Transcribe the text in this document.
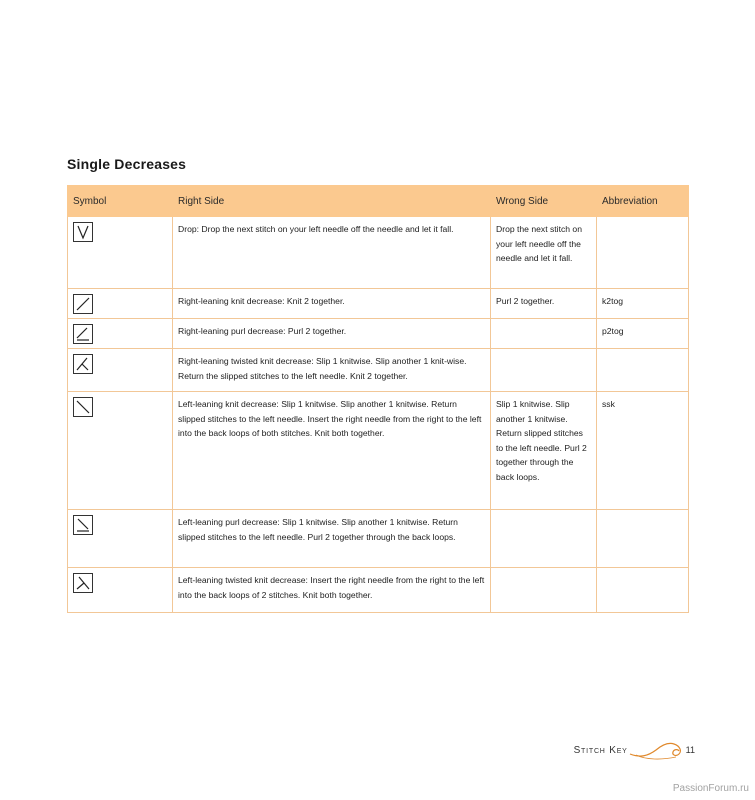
Single Decreases
Symbol	Right Side	Wrong Side	Abbreviation

	Drop: Drop the next stitch on your left needle off the needle and let it fall.	Drop the next stitch on your left needle off the needle and let it fall.	

	Right-leaning knit decrease: Knit 2 together.	Purl 2 together.	k2tog

	Right-leaning purl decrease: Purl 2 together.		p2tog

	Right-leaning twisted knit decrease: Slip 1 knitwise. Slip another 1 knit-wise. Return the slipped stitches to the left needle. Knit 2 together.		

	Left-leaning knit decrease: Slip 1 knitwise. Slip another 1 knitwise. Return slipped stitches to the left needle. Insert the right needle from the right to the left into the back loops of both stitches. Knit both together.	Slip 1 knitwise. Slip another 1 knitwise. Return slipped stitches to the left needle. Purl 2 together through the back loops.	ssk

	Left-leaning purl decrease: Slip 1 knitwise. Slip another 1 knitwise. Return slipped stitches to the left needle. Purl 2 together through the back loops.		

	Left-leaning twisted knit decrease: Insert the right needle from the right to the left into the back loops of 2 stitches. Knit both together.		
Stitch Key	11
PassionForum.ru
